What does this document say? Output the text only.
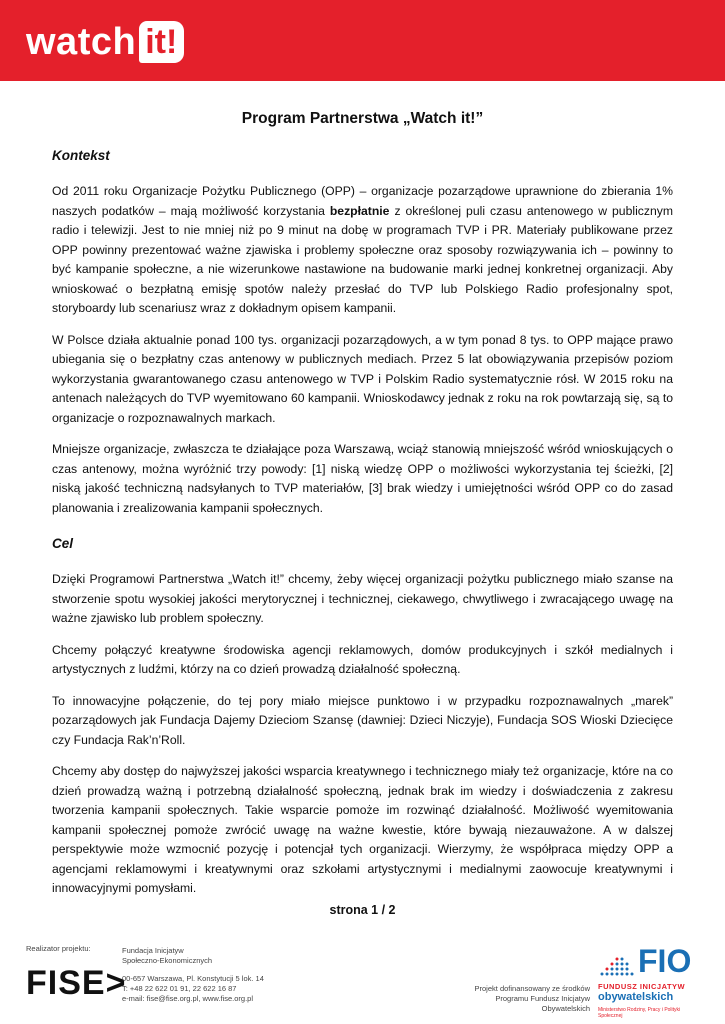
watch it!
Program Partnerstwa „Watch it!”
Kontekst

Od 2011 roku Organizacje Pożytku Publicznego (OPP) – organizacje pozarządowe uprawnione do zbierania 1% naszych podatków – mają możliwość korzystania bezpłatnie z określonej puli czasu antenowego w publicznym radio i telewizji. Jest to nie mniej niż po 9 minut na dobę w programach TVP i PR. Materiały publikowane przez OPP powinny prezentować ważne zjawiska i problemy społeczne oraz sposoby rozwiązywania ich – powinny to być kampanie społeczne, a nie wizerunkowe nastawione na budowanie marki jednej konkretnej organizacji. Aby wnioskować o bezpłatną emisję spotów należy przesłać do TVP lub Polskiego Radio profesjonalny spot, storyboardy lub scenariusz wraz z dokładnym opisem kampanii.

W Polsce działa aktualnie ponad 100 tys. organizacji pozarządowych, a w tym ponad 8 tys. to OPP mające prawo ubiegania się o bezpłatny czas antenowy w publicznych mediach. Przez 5 lat obowiązywania przepisów poziom wykorzystania gwarantowanego czasu antenowego w TVP i Polskim Radio systematycznie rósł. W 2015 roku na antenach należących do TVP wyemitowano 60 kampanii. Wnioskodawcy jednak z roku na rok powtarzają się, są to organizacje o rozpoznawalnych markach.

Mniejsze organizacje, zwłaszcza te działające poza Warszawą, wciąż stanowią mniejszość wśród wnioskujących o czas antenowy, można wyróżnić trzy powody: [1] niską wiedzę OPP o możliwości wykorzystania tej ścieżki, [2] niską jakość techniczną nadsyłanych to TVP materiałów, [3] brak wiedzy i umiejętności wśród OPP co do zasad planowania i zrealizowania kampanii społecznych.

Cel

Dzięki Programowi Partnerstwa „Watch it!” chcemy, żeby więcej organizacji pożytku publicznego miało szanse na stworzenie spotu wysokiej jakości merytorycznej i technicznej, ciekawego, chwytliwego i zwracającego uwagę na ważne zjawisko lub problem społeczny.

Chcemy połączyć kreatywne środowiska agencji reklamowych, domów produkcyjnych i szkół medialnych i artystycznych z ludźmi, którzy na co dzień prowadzą działalność społeczną.

To innowacyjne połączenie, do tej pory miało miejsce punktowo i w przypadku rozpoznawalnych „marek” pozarządowych jak Fundacja Dajemy Dzieciom Szansę (dawniej: Dzieci Niczyje), Fundacja SOS Wioski Dziecięce czy Fundacja Rak’n’Roll.

Chcemy aby dostęp do najwyższej jakości wsparcia kreatywnego i technicznego miały też organizacje, które na co dzień prowadzą ważną i potrzebną działalność społeczną, jednak brak im wiedzy i doświadczenia z zakresu tworzenia kampanii społecznych. Takie wsparcie pomoże im rozwinąć działalność. Możliwość wyemitowania kampanii społecznej pomoże zwrócić uwagę na ważne kwestie, które bywają niezauważone. A w dalszej perspektywie może wzmocnić pozycję i potencjał tych organizacji. Wierzymy, że współpraca między OPP a agencjami reklamowymi i kreatywnymi oraz szkołami artystycznymi i medialnymi zaowocuje kreatywnymi i innowacyjnymi pomysłami.

strona 1 / 2
Realizator projektu:
FISE>
Fundacja Inicjatyw
Społeczno-Ekonomicznych
00-657 Warszawa, Pl. Konstytucji 5 lok. 14
T: +48 22 622 01 91, 22 622 16 87
e-mail: fise@fise.org.pl, www.fise.org.pl
Projekt dofinansowany ze środków
Programu Fundusz Inicjatyw Obywatelskich
FIO
FUNDUSZ INICJATYW
obywatelskich
Ministerstwo Rodziny, Pracy i Polityki Społecznej
